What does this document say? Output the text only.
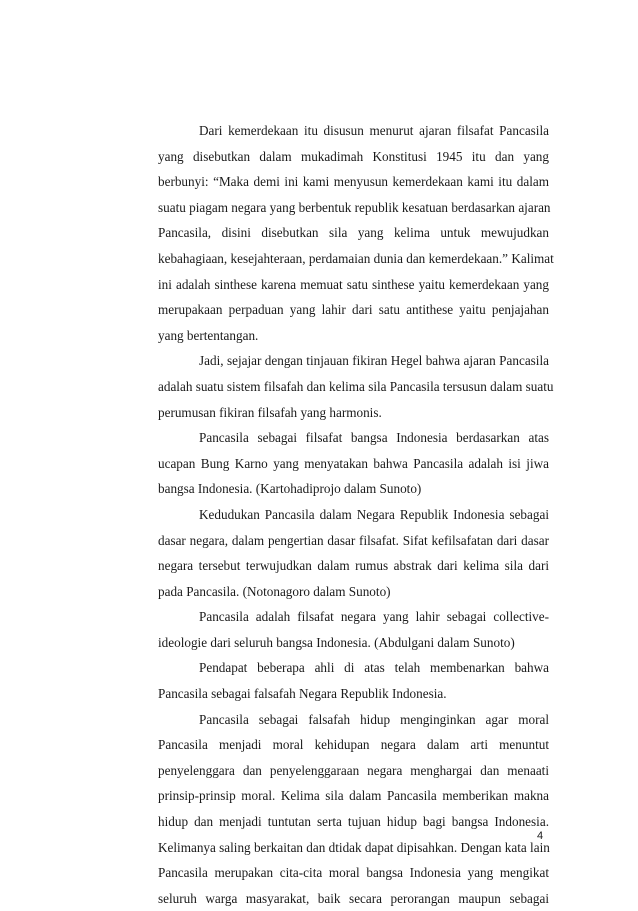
Dari kemerdekaan itu disusun menurut ajaran filsafat Pancasila
yang disebutkan dalam mukadimah Konstitusi 1945 itu dan yang
berbunyi: “Maka demi ini kami menyusun kemerdekaan kami itu dalam
suatu piagam negara yang berbentuk republik kesatuan berdasarkan ajaran
Pancasila, disini disebutkan sila yang kelima untuk mewujudkan
kebahagiaan, kesejahteraan, perdamaian dunia dan kemerdekaan.” Kalimat
ini adalah sinthese karena memuat satu sinthese yaitu kemerdekaan yang
merupakaan perpaduan yang lahir dari satu antithese yaitu penjajahan
yang bertentangan.
Jadi, sejajar dengan tinjauan fikiran Hegel bahwa ajaran Pancasila
adalah suatu sistem filsafah dan kelima sila Pancasila tersusun dalam suatu
perumusan fikiran filsafah yang harmonis.
Pancasila sebagai filsafat bangsa Indonesia berdasarkan atas
ucapan Bung Karno yang menyatakan bahwa Pancasila adalah isi jiwa
bangsa Indonesia. (Kartohadiprojo dalam Sunoto)
Kedudukan Pancasila dalam Negara Republik Indonesia sebagai
dasar negara, dalam pengertian dasar filsafat. Sifat kefilsafatan dari dasar
negara tersebut terwujudkan dalam rumus abstrak dari kelima sila dari
pada Pancasila. (Notonagoro dalam Sunoto)
Pancasila adalah filsafat negara yang lahir sebagai collective-
ideologie dari seluruh bangsa Indonesia. (Abdulgani dalam Sunoto)
Pendapat beberapa ahli di atas telah membenarkan bahwa
Pancasila sebagai falsafah Negara Republik Indonesia.
Pancasila sebagai falsafah hidup menginginkan agar moral
Pancasila menjadi moral kehidupan negara dalam arti menuntut
penyelenggara dan penyelenggaraan negara menghargai dan menaati
prinsip-prinsip moral. Kelima sila dalam Pancasila memberikan makna
hidup dan menjadi tuntutan serta tujuan hidup bagi bangsa Indonesia.
Kelimanya saling berkaitan dan dtidak dapat dipisahkan. Dengan kata lain
Pancasila merupakan cita-cita moral bangsa Indonesia yang mengikat
seluruh warga masyarakat, baik secara perorangan maupun sebagai
4
